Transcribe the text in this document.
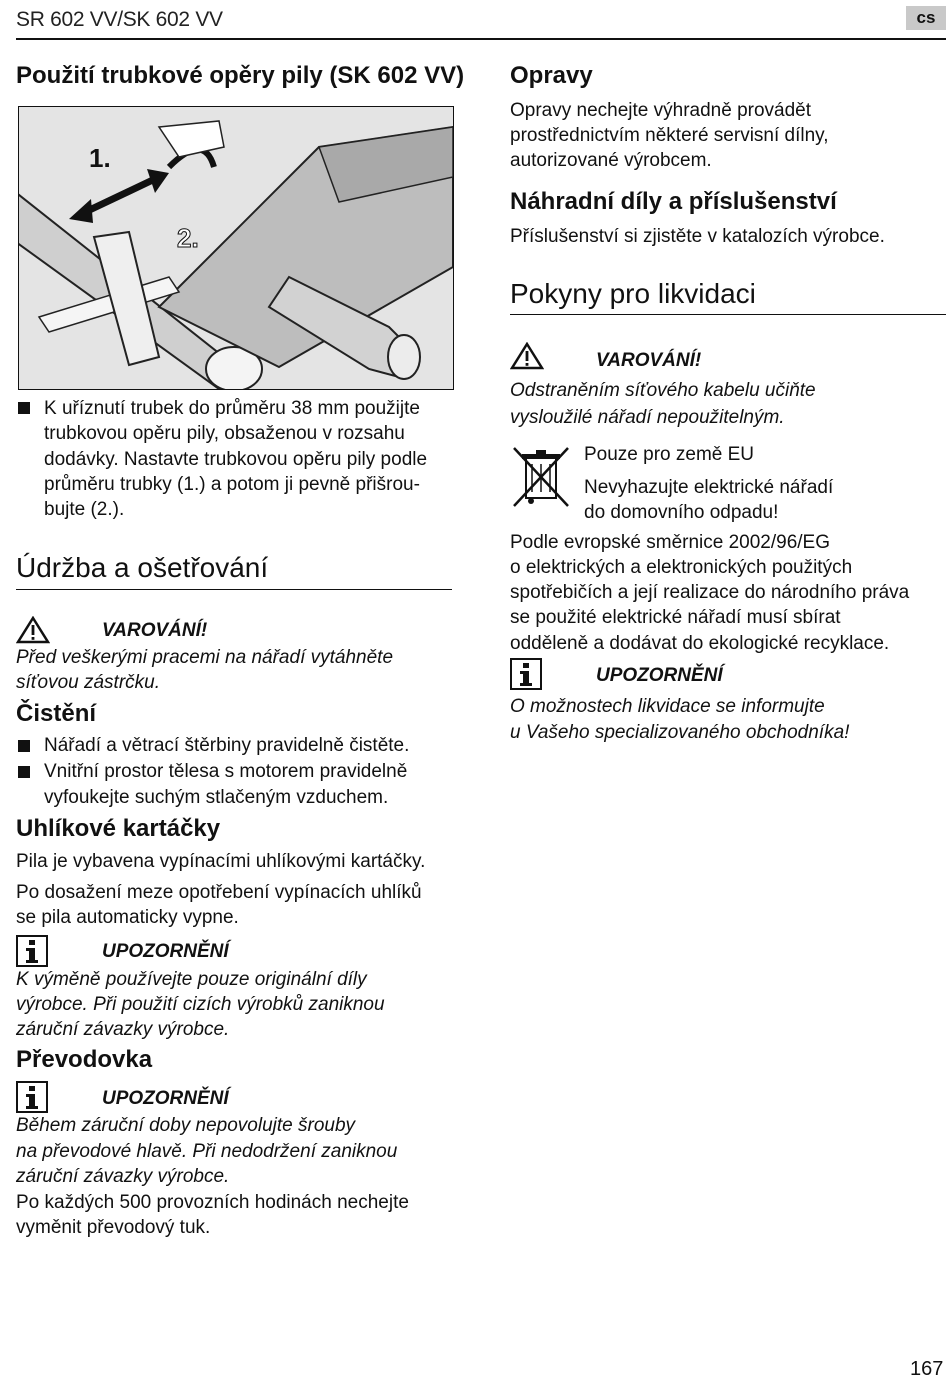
SR 602 VV/SK 602 VV	cs
Použití trubkové opěry pily (SK 602 VV)
1.
2.
K uříznutí trubek do průměru 38 mm použijte
trubkovou opěru pily, obsaženou v rozsahu
dodávky. Nastavte trubkovou opěru pily podle
průměru trubky (1.) a potom ji pevně přišrou-
bujte (2.).
Údržba a ošetřování
VAROVÁNÍ!
Před veškerými pracemi na nářadí vytáhněte
síťovou zástrčku.
Čistění
Nářadí a větrací štěrbiny pravidelně čistěte.
Vnitřní prostor tělesa s motorem pravidelně
vyfoukejte suchým stlačeným vzduchem.
Uhlíkové kartáčky
Pila je vybavena vypínacími uhlíkovými kartáčky.
Po dosažení meze opotřebení vypínacích uhlíků
se pila automaticky vypne.
UPOZORNĚNÍ
K výměně používejte pouze originální díly
výrobce. Při použití cizích výrobků zaniknou
záruční závazky výrobce.
Převodovka
UPOZORNĚNÍ
Během záruční doby nepovolujte šrouby
na převodové hlavě. Při nedodržení zaniknou
záruční závazky výrobce.
Po každých 500 provozních hodinách nechejte
vyměnit převodový tuk.
Opravy
Opravy nechejte výhradně provádět
prostřednictvím některé servisní dílny,
autorizované výrobcem.
Náhradní díly a příslušenství
Příslušenství si zjistěte v katalozích výrobce.
Pokyny pro likvidaci
VAROVÁNÍ!
Odstraněním síťového kabelu učiňte
vysloužilé nářadí nepoužitelným.
Pouze pro země EU
Nevyhazujte elektrické nářadí
do domovního odpadu!
Podle evropské směrnice 2002/96/EG
o elektrických a elektronických použitých
spotřebičích a její realizace do národního práva
se použité elektrické nářadí musí sbírat
odděleně a dodávat do ekologické recyklace.
UPOZORNĚNÍ
O možnostech likvidace se informujte
u Vašeho specializovaného obchodníka!
167
